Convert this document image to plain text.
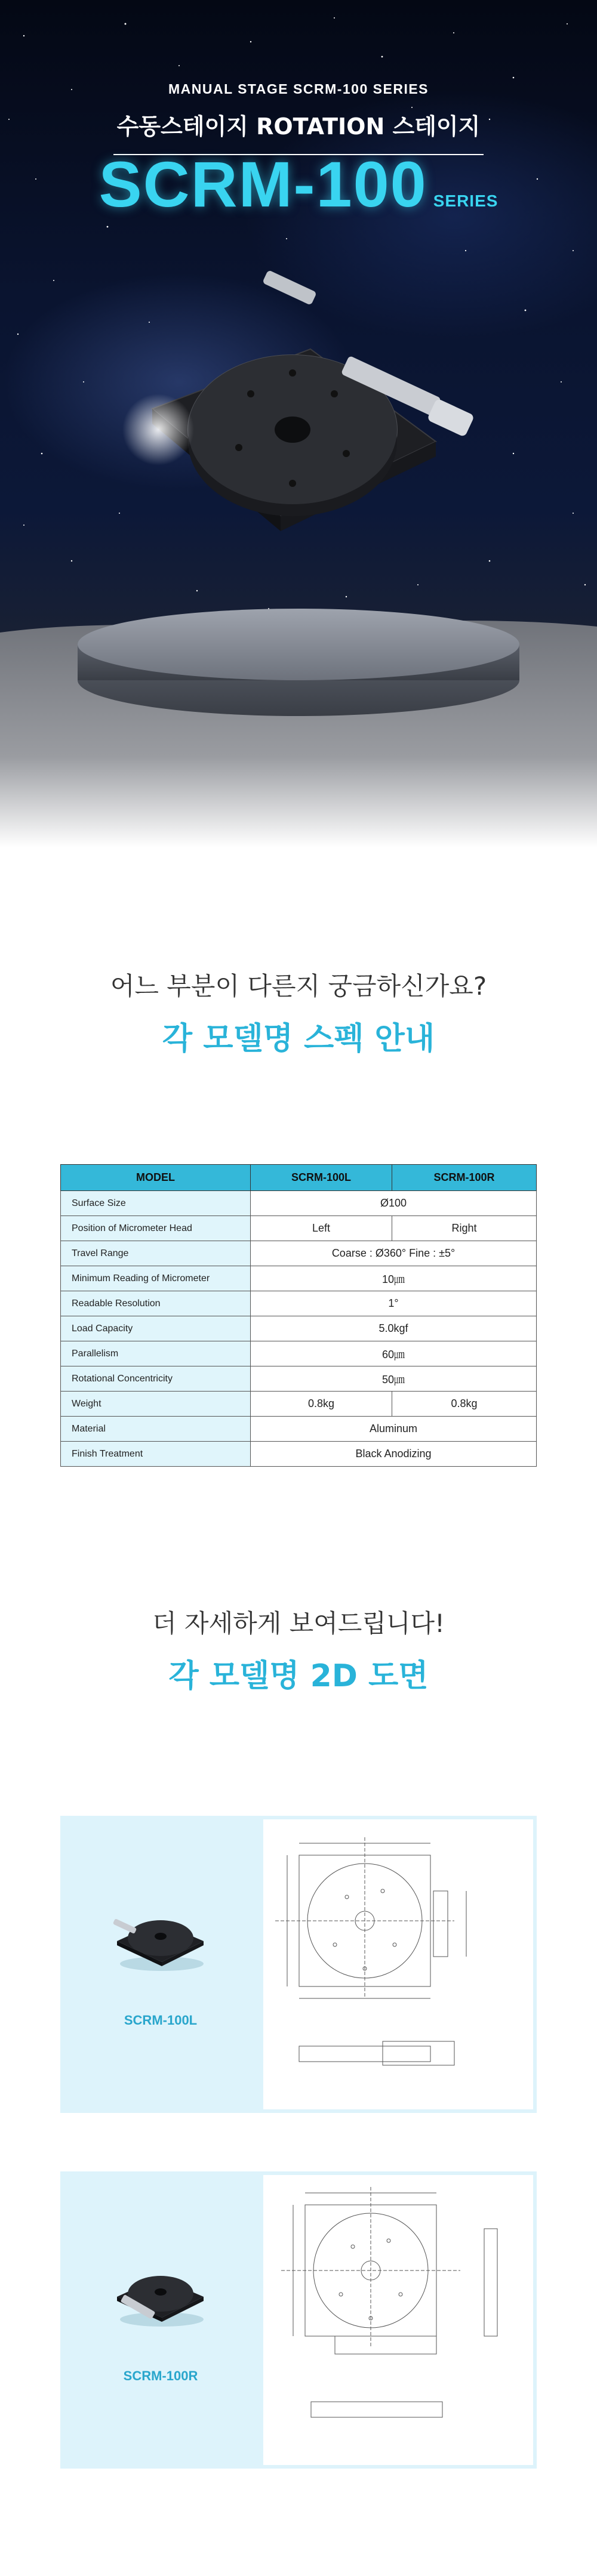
MANUAL STAGE SCRM-100 SERIES
수동스테이지 ROTATION 스테이지
SCRM-100 SERIES
어느 부분이 다른지 궁금하신가요?
각 모델명 스펙 안내
MODEL	SCRM-100L	SCRM-100R
Surface Size	Ø100	
Position of Micrometer Head	Left	Right
Travel Range	Coarse : Ø360° Fine : ±5°	
Minimum Reading of Micrometer	10㎛	
Readable Resolution	1°	
Load Capacity	5.0kgf	
Parallelism	60㎛	
Rotational Concentricity	50㎛	
Weight	0.8kg	0.8kg
Material	Aluminum	
Finish Treatment	Black Anodizing	
더 자세하게 보여드립니다!
각 모델명 2D 도면
SCRM-100L
SCRM-100R
